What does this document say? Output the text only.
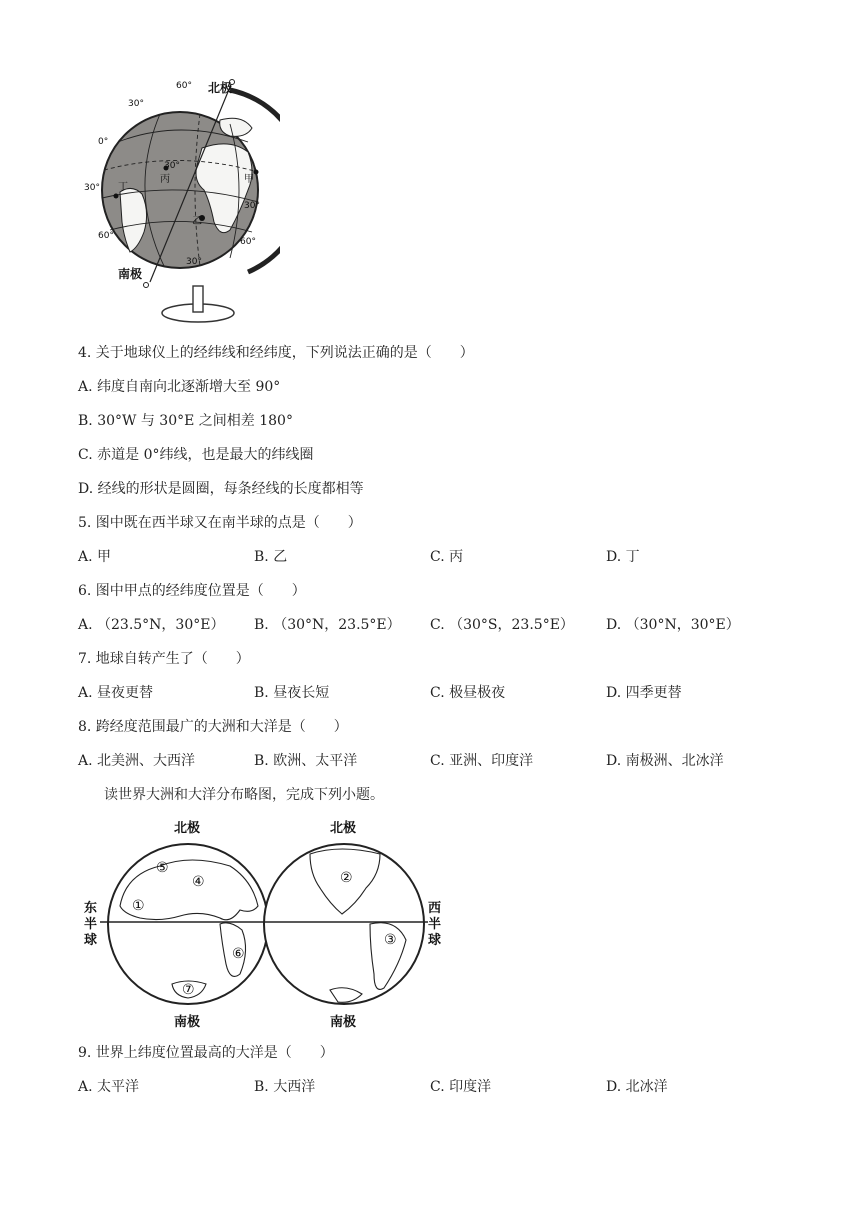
北极
南极
60°
30°
0°
30°
60°
30°
60°
30°
30°
甲
乙
丙
丁
4. 关于地球仪上的经纬线和经纬度，下列说法正确的是（　　）
A. 纬度自南向北逐渐增大至 90°
B. 30°W 与 30°E 之间相差 180°
C. 赤道是 0°纬线，也是最大的纬线圈
D. 经线的形状是圆圈，每条经线的长度都相等
5. 图中既在西半球又在南半球的点是（　　）
A. 甲	B. 乙	C. 丙	D. 丁
6. 图中甲点的经纬度位置是（　　）
A. （23.5°N，30°E） B. （30°N，23.5°E） C. （30°S，23.5°E） D. （30°N，30°E）
7. 地球自转产生了（　　）
A. 昼夜更替	B. 昼夜长短	C. 极昼极夜	D. 四季更替
8. 跨经度范围最广的大洲和大洋是（　　）
A. 北美洲、大西洋	B. 欧洲、太平洋	C. 亚洲、印度洋	D. 南极洲、北冰洋
读世界大洲和大洋分布略图，完成下列小题。
①
②
③
④
⑤
⑥
⑦
北极	北极
南极	南极
东
半
球
西
半
球
9. 世界上纬度位置最高的大洋是（　　）
A. 太平洋	B. 大西洋	C. 印度洋	D. 北冰洋
